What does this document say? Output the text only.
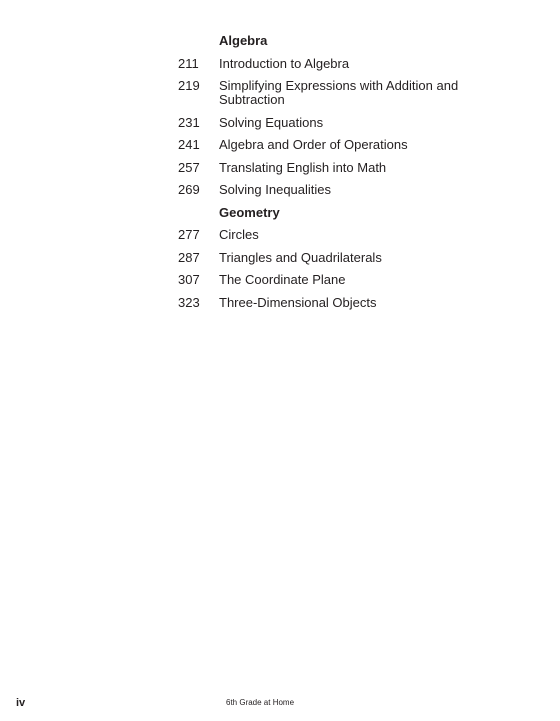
Algebra
211	Introduction to Algebra
219	Simplifying Expressions with Addition and Subtraction
231	Solving Equations
241	Algebra and Order of Operations
257	Translating English into Math
269	Solving Inequalities
Geometry
277	Circles
287	Triangles and Quadrilaterals
307	The Coordinate Plane
323	Three-Dimensional Objects
iv	6th Grade at Home
